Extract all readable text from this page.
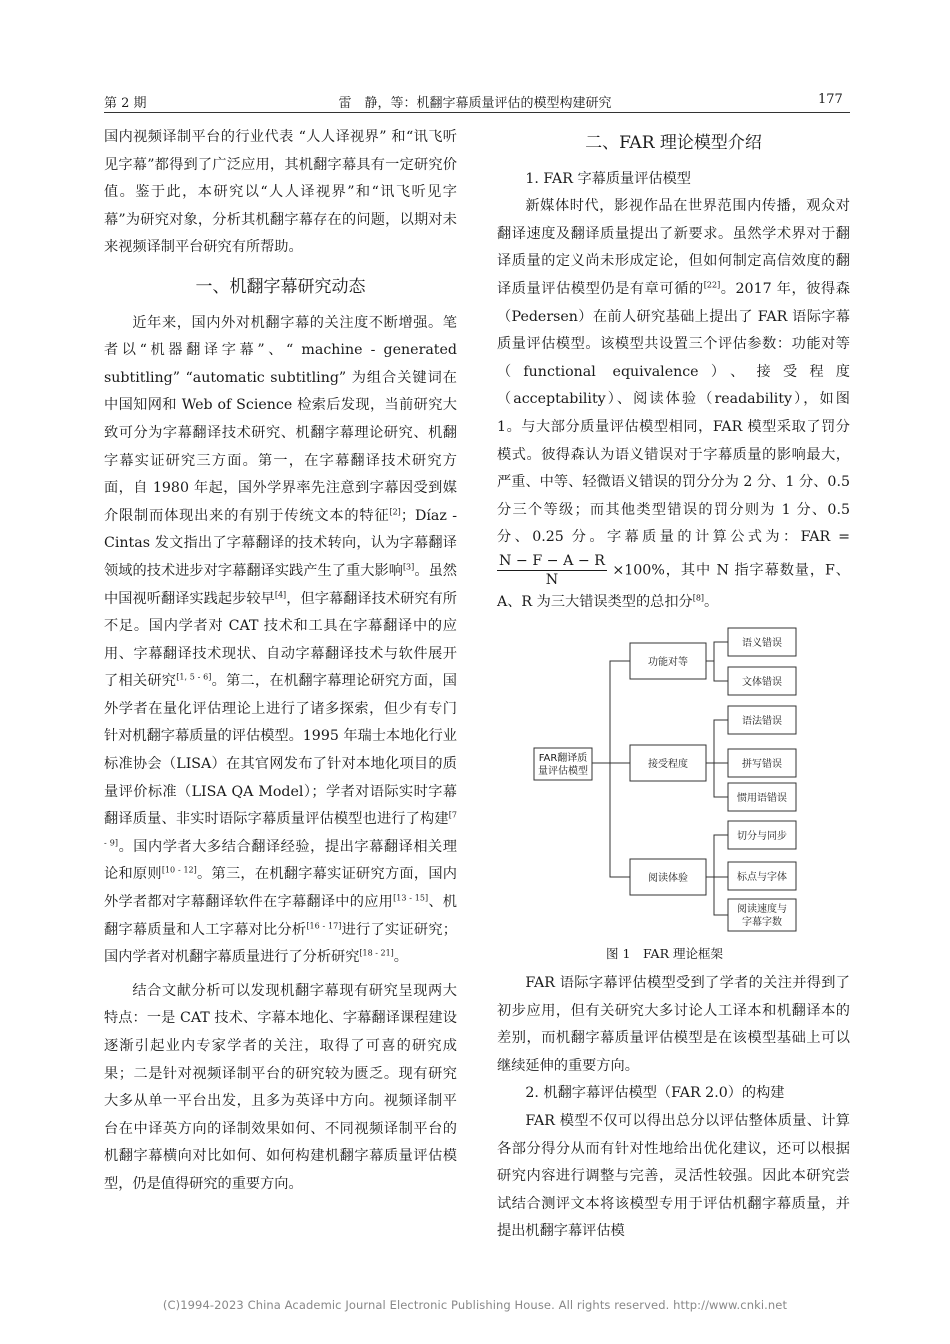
第 2 期	雷　静，等：机翻字幕质量评估的模型构建研究	177

国内视频译制平台的行业代表 “人人译视界” 和“讯飞听见字幕”都得到了广泛应用，其机翻字幕具有一定研究价值。鉴于此，本研究以“人人译视界”和“讯飞听见字幕”为研究对象，分析其机翻字幕存在的问题，以期对未来视频译制平台研究有所帮助。

一、机翻字幕研究动态

近年来，国内外对机翻字幕的关注度不断增强。笔者以“机器翻译字幕”、“ machine - generated subtitling” “automatic subtitling” 为组合关键词在中国知网和 Web of Science 检索后发现，当前研究大致可分为字幕翻译技术研究、机翻字幕理论研究、机翻字幕实证研究三方面。第一，在字幕翻译技术研究方面，自 1980 年起，国外学界率先注意到字幕因受到媒介限制而体现出来的有别于传统文本的特征[2]；Díaz - Cintas 发文指出了字幕翻译的技术转向，认为字幕翻译领域的技术进步对字幕翻译实践产生了重大影响[3]。虽然中国视听翻译实践起步较早[4]，但字幕翻译技术研究有所不足。国内学者对 CAT 技术和工具在字幕翻译中的应用、字幕翻译技术现状、自动字幕翻译技术与软件展开了相关研究[1, 5 - 6]。第二，在机翻字幕理论研究方面，国外学者在量化评估理论上进行了诸多探索，但少有专门针对机翻字幕质量的评估模型。1995 年瑞士本地化行业标准协会（LISA）在其官网发布了针对本地化项目的质量评价标准（LISA QA Model）；学者对语际实时字幕翻译质量、非实时语际字幕质量评估模型也进行了构建[7 - 9]。国内学者大多结合翻译经验，提出字幕翻译相关理论和原则[10 - 12]。第三，在机翻字幕实证研究方面，国内外学者都对字幕翻译软件在字幕翻译中的应用[13 - 15]、机翻字幕质量和人工字幕对比分析[16 - 17]进行了实证研究；国内学者对机翻字幕质量进行了分析研究[18 - 21]。

结合文献分析可以发现机翻字幕现有研究呈现两大特点：一是 CAT 技术、字幕本地化、字幕翻译课程建设逐渐引起业内专家学者的关注，取得了可喜的研究成果；二是针对视频译制平台的研究较为匮乏。现有研究大多从单一平台出发，且多为英译中方向。视频译制平台在中译英方向的译制效果如何、不同视频译制平台的机翻字幕横向对比如何、如何构建机翻字幕质量评估模型，仍是值得研究的重要方向。

二、FAR 理论模型介绍

1. FAR 字幕质量评估模型

新媒体时代，影视作品在世界范围内传播，观众对翻译速度及翻译质量提出了新要求。虽然学术界对于翻译质量的定义尚未形成定论，但如何制定高信效度的翻译质量评估模型仍是有章可循的[22]。2017 年，彼得森（Pedersen）在前人研究基础上提出了 FAR 语际字幕质量评估模型。该模型共设置三个评估参数：功能对等（functional equivalence）、接受程度（acceptability）、阅读体验（readability），如图 1。与大部分质量评估模型相同，FAR 模型采取了罚分模式。彼得森认为语义错误对于字幕质量的影响最大，严重、中等、轻微语义错误的罚分分为 2 分、1 分、0.5 分三个等级；而其他类型错误的罚分则为 1 分、0.5 分、0.25 分。字幕质量的计算公式为：FAR =
$\frac{N - F - A - R}{N} \times 100\%$，其中 N 指字幕数量，F、A、R 为三大错误类型的总扣分[8]。

FAR翻译质
量评估模型
功能对等
接受程度
阅读体验
语义错误
文体错误
语法错误
拼写错误
惯用语错误
切分与同步
标点与字体
阅读速度与
字幕字数
图 1　FAR 理论框架

FAR 语际字幕评估模型受到了学者的关注并得到了初步应用，但有关研究大多讨论人工译本和机翻译本的差别，而机翻字幕质量评估模型是在该模型基础上可以继续延伸的重要方向。

2. 机翻字幕评估模型（FAR 2.0）的构建

FAR 模型不仅可以得出总分以评估整体质量、计算各部分得分从而有针对性地给出优化建议，还可以根据研究内容进行调整与完善，灵活性较强。因此本研究尝试结合测评文本将该模型专用于评估机翻字幕质量，并提出机翻字幕评估模

(C)1994-2023 China Academic Journal Electronic Publishing House. All rights reserved. http://www.cnki.net
